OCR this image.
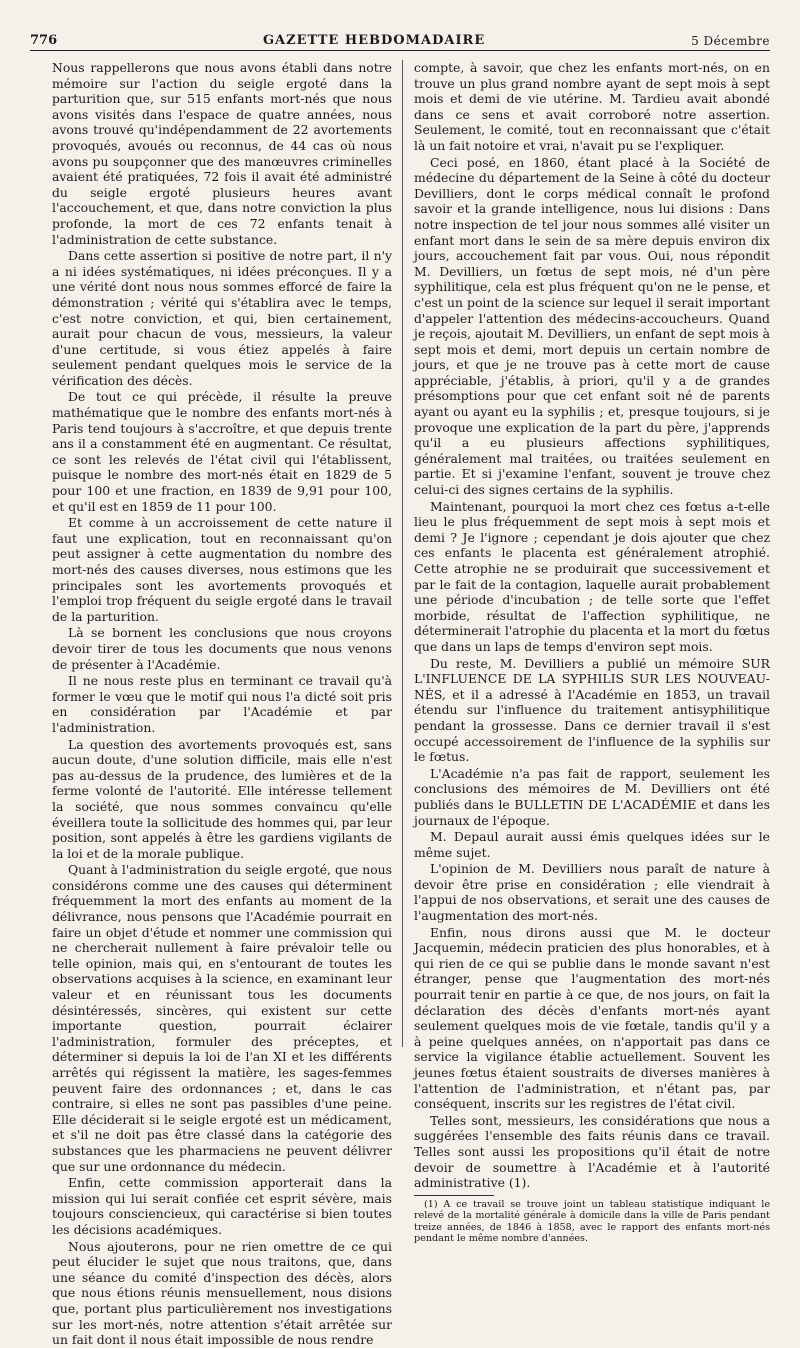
776	GAZETTE HEBDOMADAIRE	5 Décembre

Nous rappellerons que nous avons établi dans notre mémoire sur l'action du seigle ergoté dans la parturition que, sur 515 enfants mort-nés que nous avons visités dans l'espace de quatre années, nous avons trouvé qu'indépendamment de 22 avortements provoqués, avoués ou reconnus, de 44 cas où nous avons pu soupçonner que des manœuvres criminelles avaient été pratiquées, 72 fois il avait été administré du seigle ergoté plusieurs heures avant l'accouchement, et que, dans notre conviction la plus profonde, la mort de ces 72 enfants tenait à l'administration de cette substance.

Dans cette assertion si positive de notre part, il n'y a ni idées systématiques, ni idées préconçues. Il y a une vérité dont nous nous sommes efforcé de faire la démonstration ; vérité qui s'établira avec le temps, c'est notre conviction, et qui, bien certainement, aurait pour chacun de vous, messieurs, la valeur d'une certitude, si vous étiez appelés à faire seulement pendant quelques mois le service de la vérification des décès.

De tout ce qui précède, il résulte la preuve mathématique que le nombre des enfants mort-nés à Paris tend toujours à s'accroître, et que depuis trente ans il a constamment été en augmentant. Ce résultat, ce sont les relevés de l'état civil qui l'établissent, puisque le nombre des mort-nés était en 1829 de 5 pour 100 et une fraction, en 1839 de 9,91 pour 100, et qu'il est en 1859 de 11 pour 100.

Et comme à un accroissement de cette nature il faut une explication, tout en reconnaissant qu'on peut assigner à cette augmentation du nombre des mort-nés des causes diverses, nous estimons que les principales sont les avortements provoqués et l'emploi trop fréquent du seigle ergoté dans le travail de la parturition.

Là se bornent les conclusions que nous croyons devoir tirer de tous les documents que nous venons de présenter à l'Académie.

Il ne nous reste plus en terminant ce travail qu'à former le vœu que le motif qui nous l'a dicté soit pris en considération par l'Académie et par l'administration.

La question des avortements provoqués est, sans aucun doute, d'une solution difficile, mais elle n'est pas au-dessus de la prudence, des lumières et de la ferme volonté de l'autorité. Elle intéresse tellement la société, que nous sommes convaincu qu'elle éveillera toute la sollicitude des hommes qui, par leur position, sont appelés à être les gardiens vigilants de la loi et de la morale publique.

Quant à l'administration du seigle ergoté, que nous considérons comme une des causes qui déterminent fréquemment la mort des enfants au moment de la délivrance, nous pensons que l'Académie pourrait en faire un objet d'étude et nommer une commission qui ne chercherait nullement à faire prévaloir telle ou telle opinion, mais qui, en s'entourant de toutes les observations acquises à la science, en examinant leur valeur et en réunissant tous les documents désintéressés, sincères, qui existent sur cette importante question, pourrait éclairer l'administration, formuler des préceptes, et déterminer si depuis la loi de l'an XI et les différents arrêtés qui régissent la matière, les sages-femmes peuvent faire des ordonnances ; et, dans le cas contraire, si elles ne sont pas passibles d'une peine. Elle déciderait si le seigle ergoté est un médicament, et s'il ne doit pas être classé dans la catégorie des substances que les pharmaciens ne peuvent délivrer que sur une ordonnance du médecin.

Enfin, cette commission apporterait dans la mission qui lui serait confiée cet esprit sévère, mais toujours consciencieux, qui caractérise si bien toutes les décisions académiques.

Nous ajouterons, pour ne rien omettre de ce qui peut élucider le sujet que nous traitons, que, dans une séance du comité d'inspection des décès, alors que nous étions réunis mensuellement, nous disions que, portant plus particulièrement nos investigations sur les mort-nés, notre attention s'était arrêtée sur un fait dont il nous était impossible de nous rendre

compte, à savoir, que chez les enfants mort-nés, on en trouve un plus grand nombre ayant de sept mois à sept mois et demi de vie utérine. M. Tardieu avait abondé dans ce sens et avait corroboré notre assertion. Seulement, le comité, tout en reconnaissant que c'était là un fait notoire et vrai, n'avait pu se l'expliquer.

Ceci posé, en 1860, étant placé à la Société de médecine du département de la Seine à côté du docteur Devilliers, dont le corps médical connaît le profond savoir et la grande intelligence, nous lui disions : Dans notre inspection de tel jour nous sommes allé visiter un enfant mort dans le sein de sa mère depuis environ dix jours, accouchement fait par vous. Oui, nous répondit M. Devilliers, un fœtus de sept mois, né d'un père syphilitique, cela est plus fréquent qu'on ne le pense, et c'est un point de la science sur lequel il serait important d'appeler l'attention des médecins-accoucheurs. Quand je reçois, ajoutait M. Devilliers, un enfant de sept mois à sept mois et demi, mort depuis un certain nombre de jours, et que je ne trouve pas à cette mort de cause appréciable, j'établis, à priori, qu'il y a de grandes présomptions pour que cet enfant soit né de parents ayant ou ayant eu la syphilis ; et, presque toujours, si je provoque une explication de la part du père, j'apprends qu'il a eu plusieurs affections syphilitiques, généralement mal traitées, ou traitées seulement en partie. Et si j'examine l'enfant, souvent je trouve chez celui-ci des signes certains de la syphilis.

Maintenant, pourquoi la mort chez ces fœtus a-t-elle lieu le plus fréquemment de sept mois à sept mois et demi ? Je l'ignore ; cependant je dois ajouter que chez ces enfants le placenta est généralement atrophié. Cette atrophie ne se produirait que successivement et par le fait de la contagion, laquelle aurait probablement une période d'incubation ; de telle sorte que l'effet morbide, résultat de l'affection syphilitique, ne déterminerait l'atrophie du placenta et la mort du fœtus que dans un laps de temps d'environ sept mois.

Du reste, M. Devilliers a publié un mémoire SUR L'INFLUENCE DE LA SYPHILIS SUR LES NOUVEAU-NÉS, et il a adressé à l'Académie en 1853, un travail étendu sur l'influence du traitement antisyphilitique pendant la grossesse. Dans ce dernier travail il s'est occupé accessoirement de l'influence de la syphilis sur le fœtus.

L'Académie n'a pas fait de rapport, seulement les conclusions des mémoires de M. Devilliers ont été publiés dans le BULLETIN DE L'ACADÉMIE et dans les journaux de l'époque.

M. Depaul aurait aussi émis quelques idées sur le même sujet.

L'opinion de M. Devilliers nous paraît de nature à devoir être prise en considération ; elle viendrait à l'appui de nos observations, et serait une des causes de l'augmentation des mort-nés.

Enfin, nous dirons aussi que M. le docteur Jacquemin, médecin praticien des plus honorables, et à qui rien de ce qui se publie dans le monde savant n'est étranger, pense que l'augmentation des mort-nés pourrait tenir en partie à ce que, de nos jours, on fait la déclaration des décès d'enfants mort-nés ayant seulement quelques mois de vie fœtale, tandis qu'il y a à peine quelques années, on n'apportait pas dans ce service la vigilance établie actuellement. Souvent les jeunes fœtus étaient soustraits de diverses manières à l'attention de l'administration, et n'étant pas, par conséquent, inscrits sur les registres de l'état civil.

Telles sont, messieurs, les considérations que nous a suggérées l'ensemble des faits réunis dans ce travail. Telles sont aussi les propositions qu'il était de notre devoir de soumettre à l'Académie et à l'autorité administrative (1).

(1) A ce travail se trouve joint un tableau statistique indiquant le relevé de la mortalité générale à domicile dans la ville de Paris pendant treize années, de 1846 à 1858, avec le rapport des enfants mort-nés pendant le même nombre d'années.
